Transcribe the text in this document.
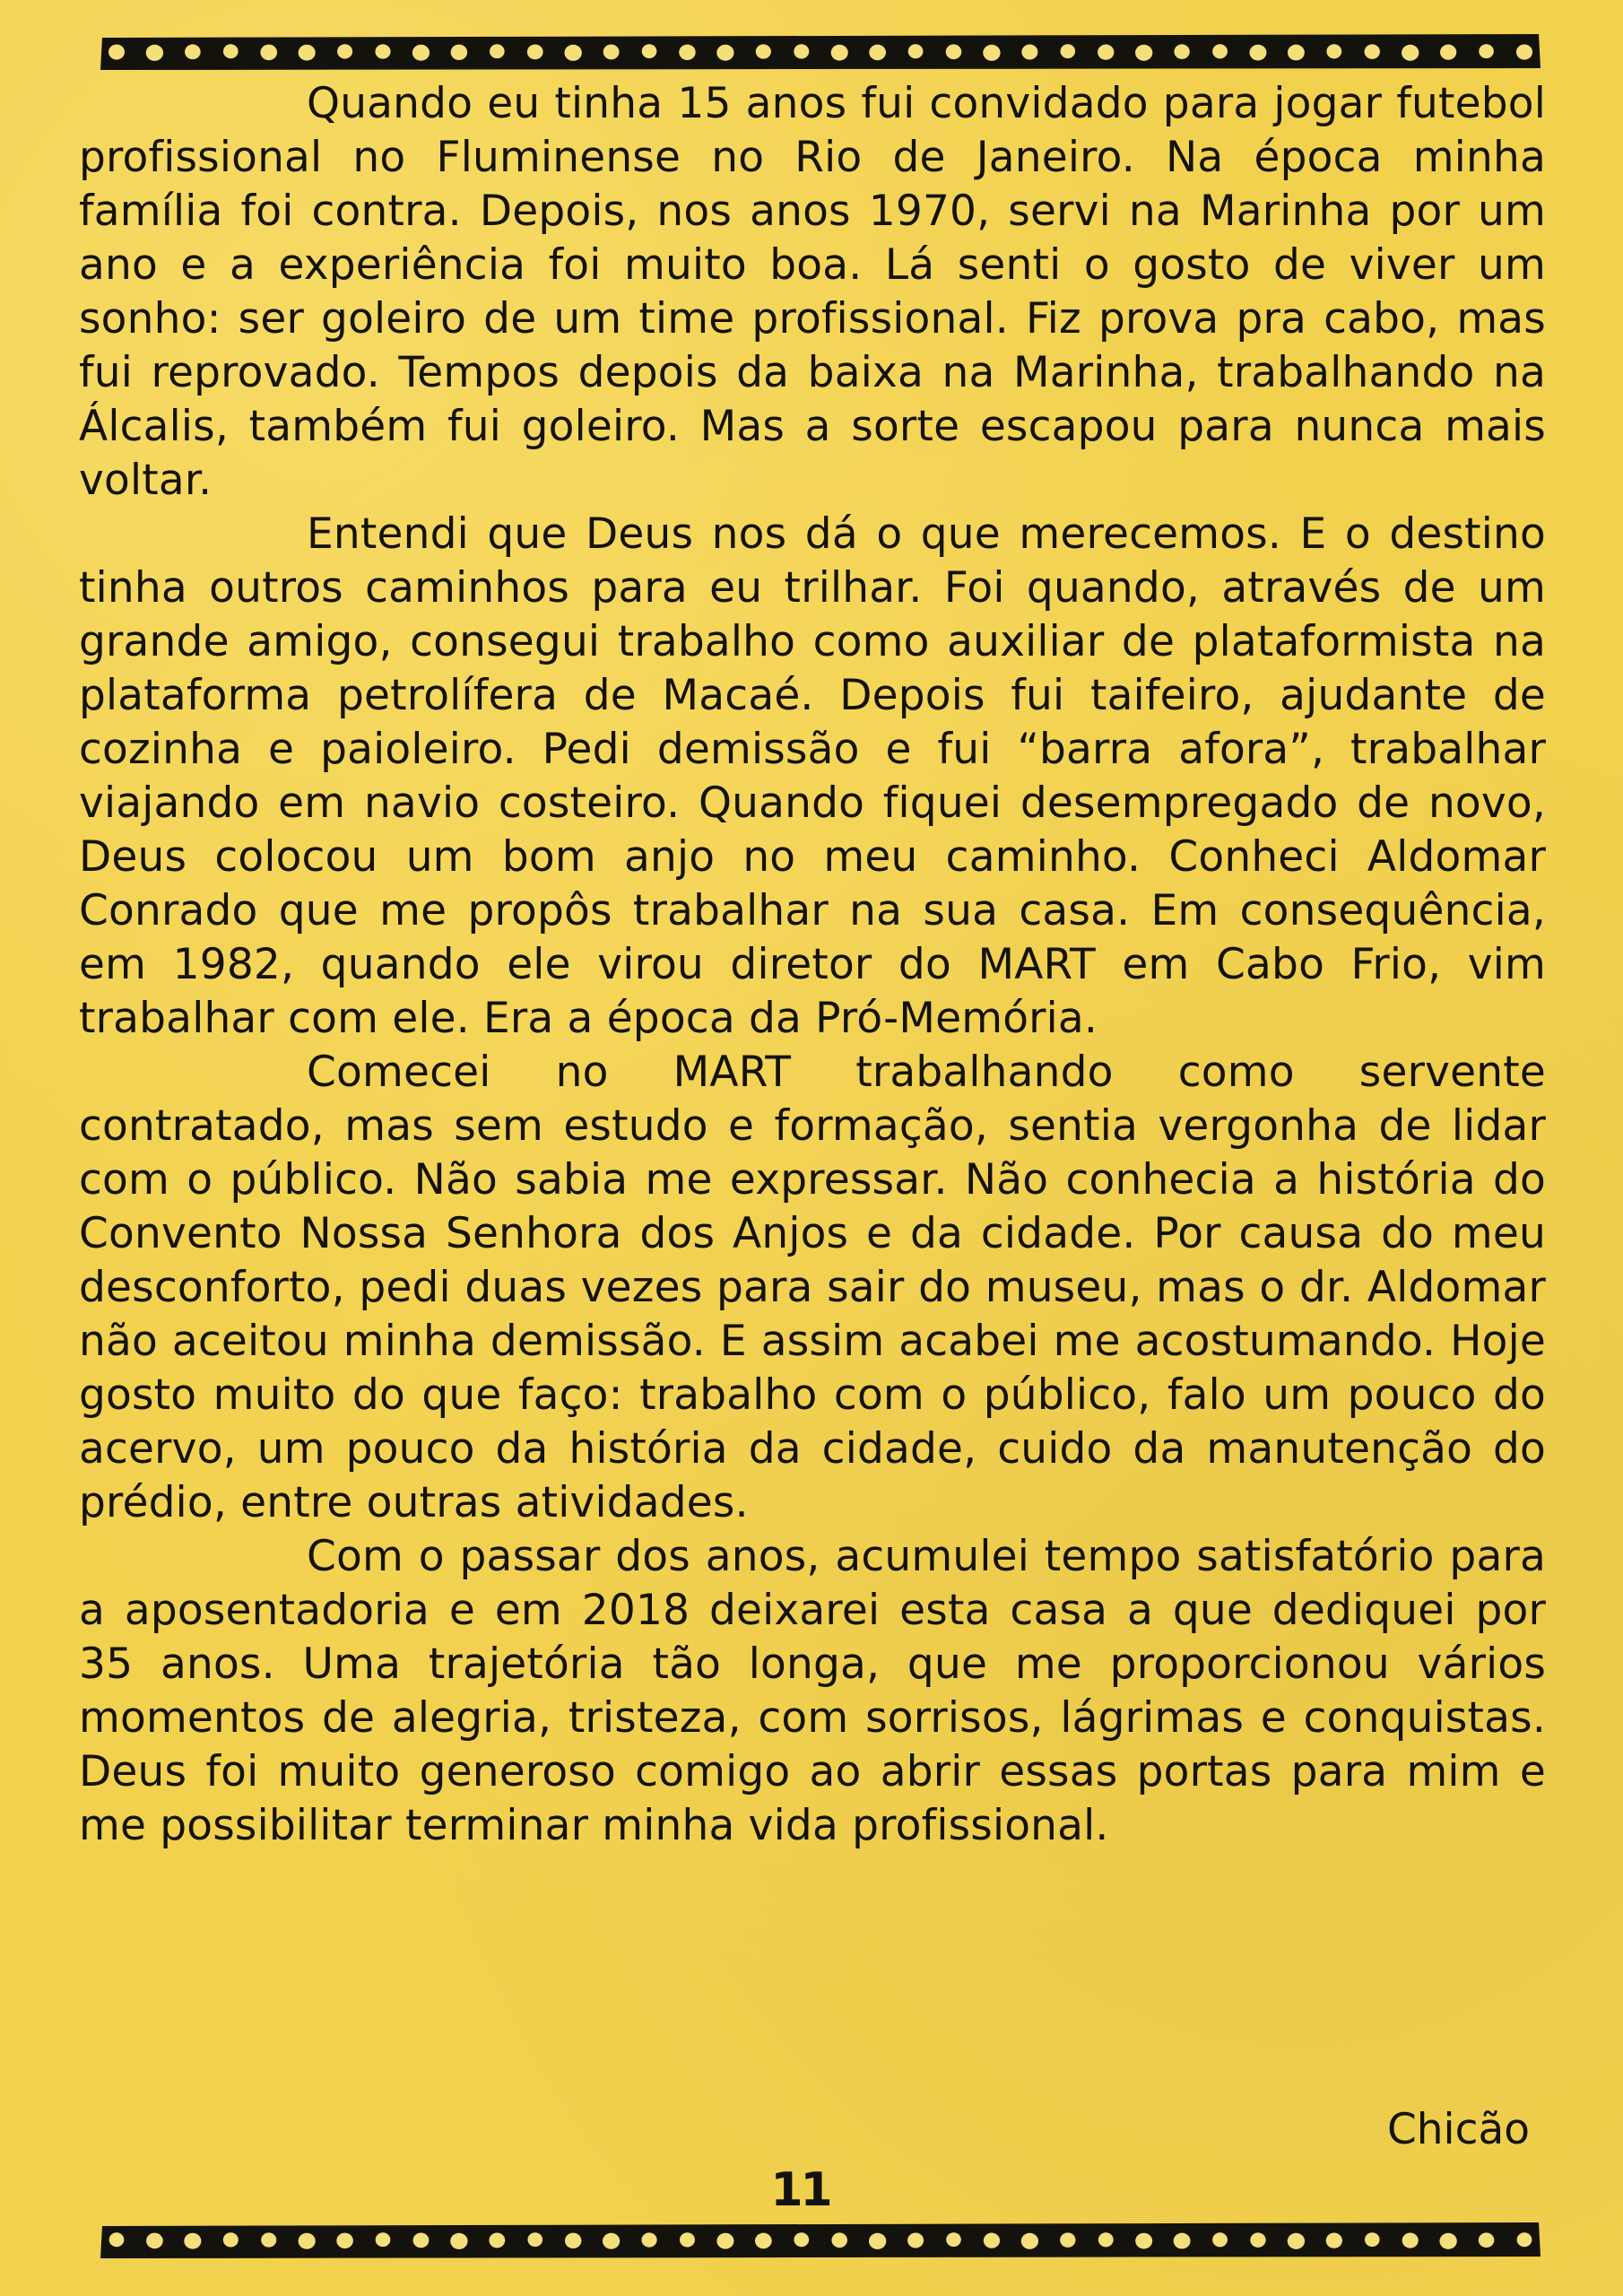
Quando eu tinha 15 anos fui convidado para jogar futebol profissional no Fluminense no Rio de Janeiro. Na época minha família foi contra. Depois, nos anos 1970, servi na Marinha por um ano e a experiência foi muito boa. Lá senti o gosto de viver um sonho: ser goleiro de um time profissional. Fiz prova pra cabo, mas fui reprovado. Tempos depois da baixa na Marinha, trabalhando na Álcalis, também fui goleiro. Mas a sorte escapou para nunca mais voltar.

Entendi que Deus nos dá o que merecemos. E o destino tinha outros caminhos para eu trilhar. Foi quando, através de um grande amigo, consegui trabalho como auxiliar de plataformista na plataforma petrolífera de Macaé. Depois fui taifeiro, ajudante de cozinha e paioleiro. Pedi demissão e fui “barra afora”, trabalhar viajando em navio costeiro. Quando fiquei desempregado de novo, Deus colocou um bom anjo no meu caminho. Conheci Aldomar Conrado que me propôs trabalhar na sua casa. Em consequência, em 1982, quando ele virou diretor do MART em Cabo Frio, vim trabalhar com ele. Era a época da Pró-Memória.

Comecei no MART trabalhando como servente contratado, mas sem estudo e formação, sentia vergonha de lidar com o público. Não sabia me expressar. Não conhecia a história do Convento Nossa Senhora dos Anjos e da cidade. Por causa do meu desconforto, pedi duas vezes para sair do museu, mas o dr. Aldomar não aceitou minha demissão. E assim acabei me acostumando. Hoje gosto muito do que faço: trabalho com o público, falo um pouco do acervo, um pouco da história da cidade, cuido da manutenção do prédio, entre outras atividades.

Com o passar dos anos, acumulei tempo satisfatório para a aposentadoria e em 2018 deixarei esta casa a que dediquei por 35 anos. Uma trajetória tão longa, que me proporcionou vários momentos de alegria, tristeza, com sorrisos, lágrimas e conquistas. Deus foi muito generoso comigo ao abrir essas portas para mim e me possibilitar terminar minha vida profissional.

Chicão
11
